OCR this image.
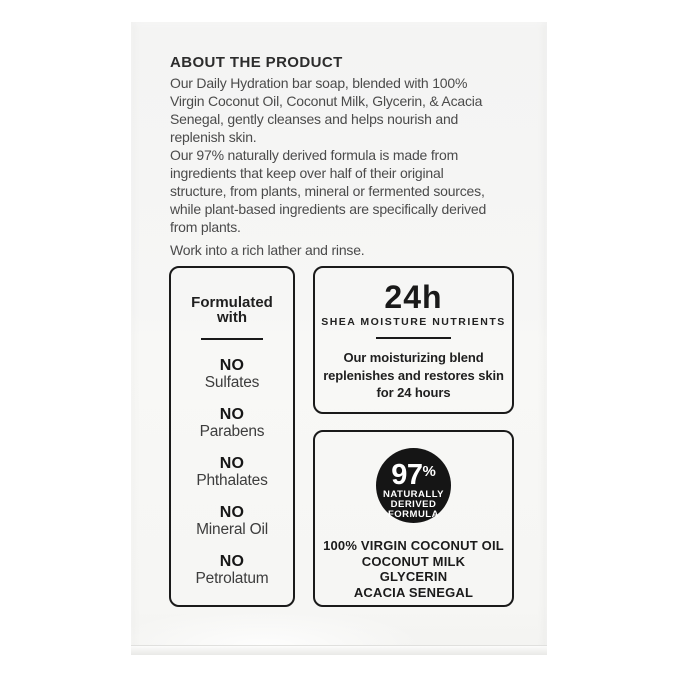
ABOUT THE PRODUCT
Our Daily Hydration bar soap, blended with 100%
Virgin Coconut Oil, Coconut Milk, Glycerin, & Acacia
Senegal, gently cleanses and helps nourish and
replenish skin.
Our 97% naturally derived formula is made from
ingredients that keep over half of their original
structure, from plants, mineral or fermented sources,
while plant-based ingredients are specifically derived
from plants.
Work into a rich lather and rinse.
Formulated with
NO
Sulfates
NO
Parabens
NO
Phthalates
NO
Mineral Oil
NO
Petrolatum
24h
SHEA MOISTURE NUTRIENTS
Our moisturizing blend
replenishes and restores skin
for 24 hours
97%
NATURALLY
DERIVED
FORMULA
100% VIRGIN COCONUT OIL
COCONUT MILK
GLYCERIN
ACACIA SENEGAL
